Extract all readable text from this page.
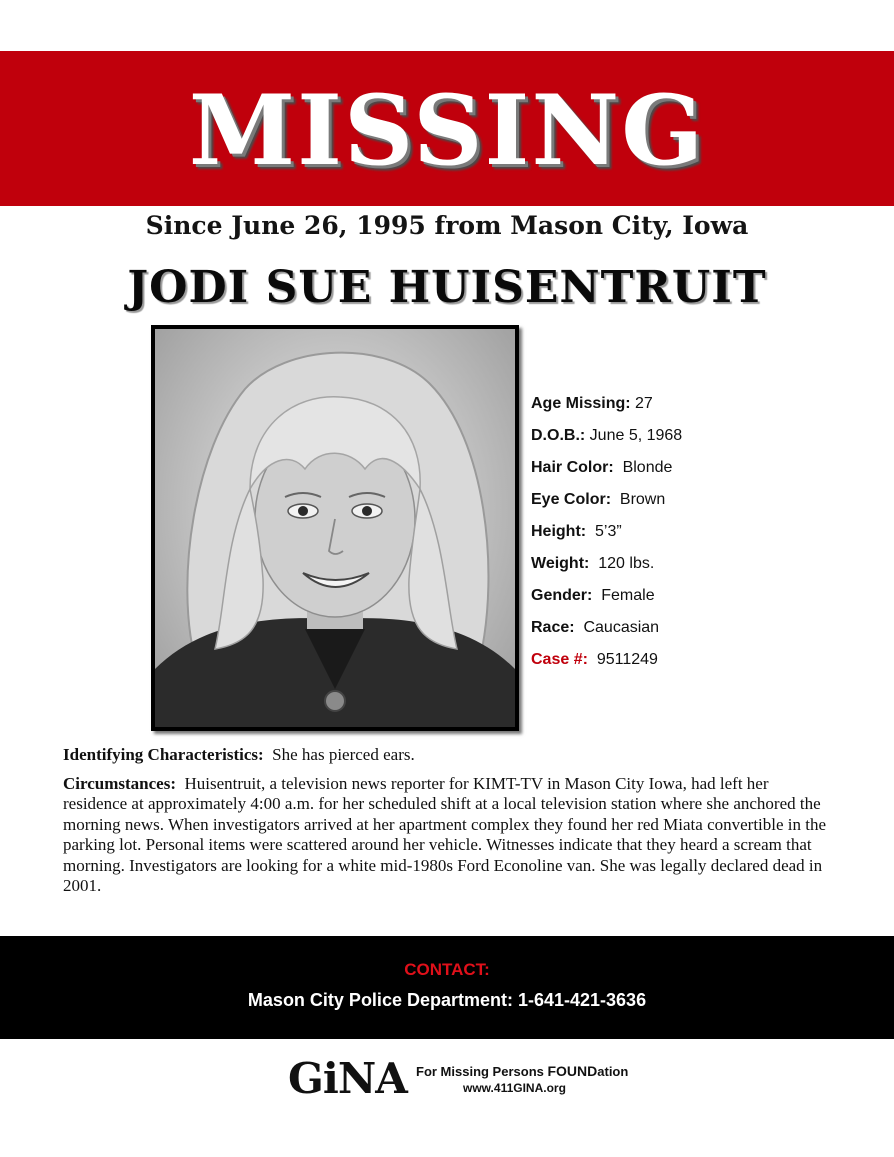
MISSING
Since June 26, 1995 from Mason City, Iowa
JODI SUE HUISENTRUIT
Age Missing: 27
D.O.B.: June 5, 1968
Hair Color: Blonde
Eye Color: Brown
Height: 5’3”
Weight: 120 lbs.
Gender: Female
Race: Caucasian
Case #: 9511249

Identifying Characteristics: She has pierced ears.

Circumstances: Huisentruit, a television news reporter for KIMT-TV in Mason City Iowa, had left her residence at approximately 4:00 a.m. for her scheduled shift at a local television station where she anchored the morning news. When investigators arrived at her apartment complex they found her red Miata convertible in the parking lot. Personal items were scattered around her vehicle. Witnesses indicate that they heard a scream that morning. Investigators are looking for a white mid-1980s Ford Econoline van. She was legally declared dead in 2001.

CONTACT:
Mason City Police Department: 1-641-421-3636
GiNA For Missing Persons FOUNDation
www.411GINA.org
